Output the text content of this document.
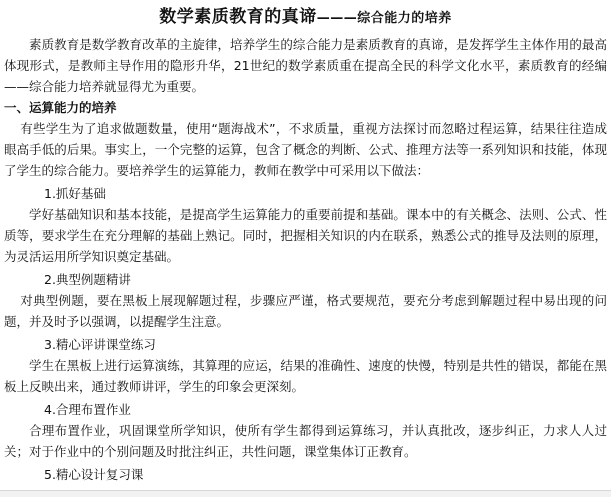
数学素质教育的真谛———综合能力的培养

素质教育是数学教育改革的主旋律，培养学生的综合能力是素质教育的真谛，是发挥学生主体作用的最高体现形式，是教师主导作用的隐形升华，21世纪的数学素质重在提高全民的科学文化水平，素质教育的经编——综合能力培养就显得尤为重要。

一、运算能力的培养

有些学生为了追求做题数量，使用“题海战术”，不求质量，重视方法探讨而忽略过程运算，结果往往造成眼高手低的后果。事实上，一个完整的运算，包含了概念的判断、公式、推理方法等一系列知识和技能，体现了学生的综合能力。要培养学生的运算能力，教师在教学中可采用以下做法：

1.抓好基础

学好基础知识和基本技能，是提高学生运算能力的重要前提和基础。课本中的有关概念、法则、公式、性质等，要求学生在充分理解的基础上熟记。同时，把握相关知识的内在联系，熟悉公式的推导及法则的原理，为灵活运用所学知识奠定基础。

2.典型例题精讲

对典型例题，要在黑板上展现解题过程，步骤应严谨，格式要规范，要充分考虑到解题过程中易出现的问题，并及时予以强调，以提醒学生注意。

3.精心评讲课堂练习

学生在黑板上进行运算演练，其算理的应运，结果的准确性、速度的快慢，特别是共性的错误，都能在黑板上反映出来，通过教师讲评，学生的印象会更深刻。

4.合理布置作业

合理布置作业，巩固课堂所学知识，使所有学生都得到运算练习，并认真批改，逐步纠正，力求人人过关；对于作业中的个别问题及时批注纠正，共性问题，课堂集体订正教育。

5.精心设计复习课
